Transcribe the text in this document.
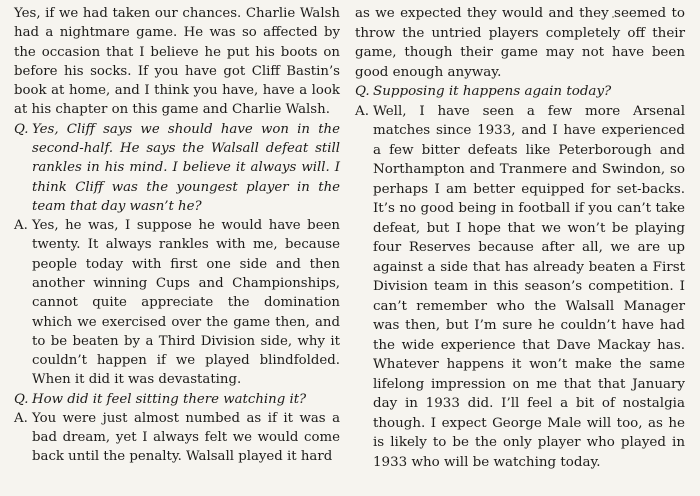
Yes, if we had taken our chances. Charlie Walsh had a nightmare game. He was so affected by the occasion that I believe he put his boots on before his socks. If you have got Cliff Bastin’s book at home, and I think you have, have a look at his chapter on this game and Charlie Walsh.
Q. Yes, Cliff says we should have won in the second-half. He says the Walsall defeat still rankles in his mind. I believe it always will. I think Cliff was the youngest player in the team that day wasn’t he?
A. Yes, he was, I suppose he would have been twenty. It always rankles with me, because people today with first one side and then another winning Cups and Championships, cannot quite appreciate the domination which we exercised over the game then, and to be beaten by a Third Division side, why it couldn’t happen if we played blindfolded. When it did it was devastating.
Q. How did it feel sitting there watching it?
A. You were just almost numbed as if it was a bad dream, yet I always felt we would come back until the penalty. Walsall played it hard
as we expected they would and they seemed to throw the untried players completely off their game, though their game may not have been good enough anyway.
Q. Supposing it happens again today?
A. Well, I have seen a few more Arsenal matches since 1933, and I have experienced a few bitter defeats like Peterborough and Northampton and Tranmere and Swindon, so perhaps I am better equipped for set-backs. It’s no good being in football if you can’t take defeat, but I hope that we won’t be playing four Reserves because after all, we are up against a side that has already beaten a First Division team in this season’s competition. I can’t remember who the Walsall Manager was then, but I’m sure he couldn’t have had the wide experience that Dave Mackay has. Whatever happens it won’t make the same lifelong impression on me that that January day in 1933 did. I’ll feel a bit of nostalgia though. I expect George Male will too, as he is likely to be the only player who played in 1933 who will be watching today.
